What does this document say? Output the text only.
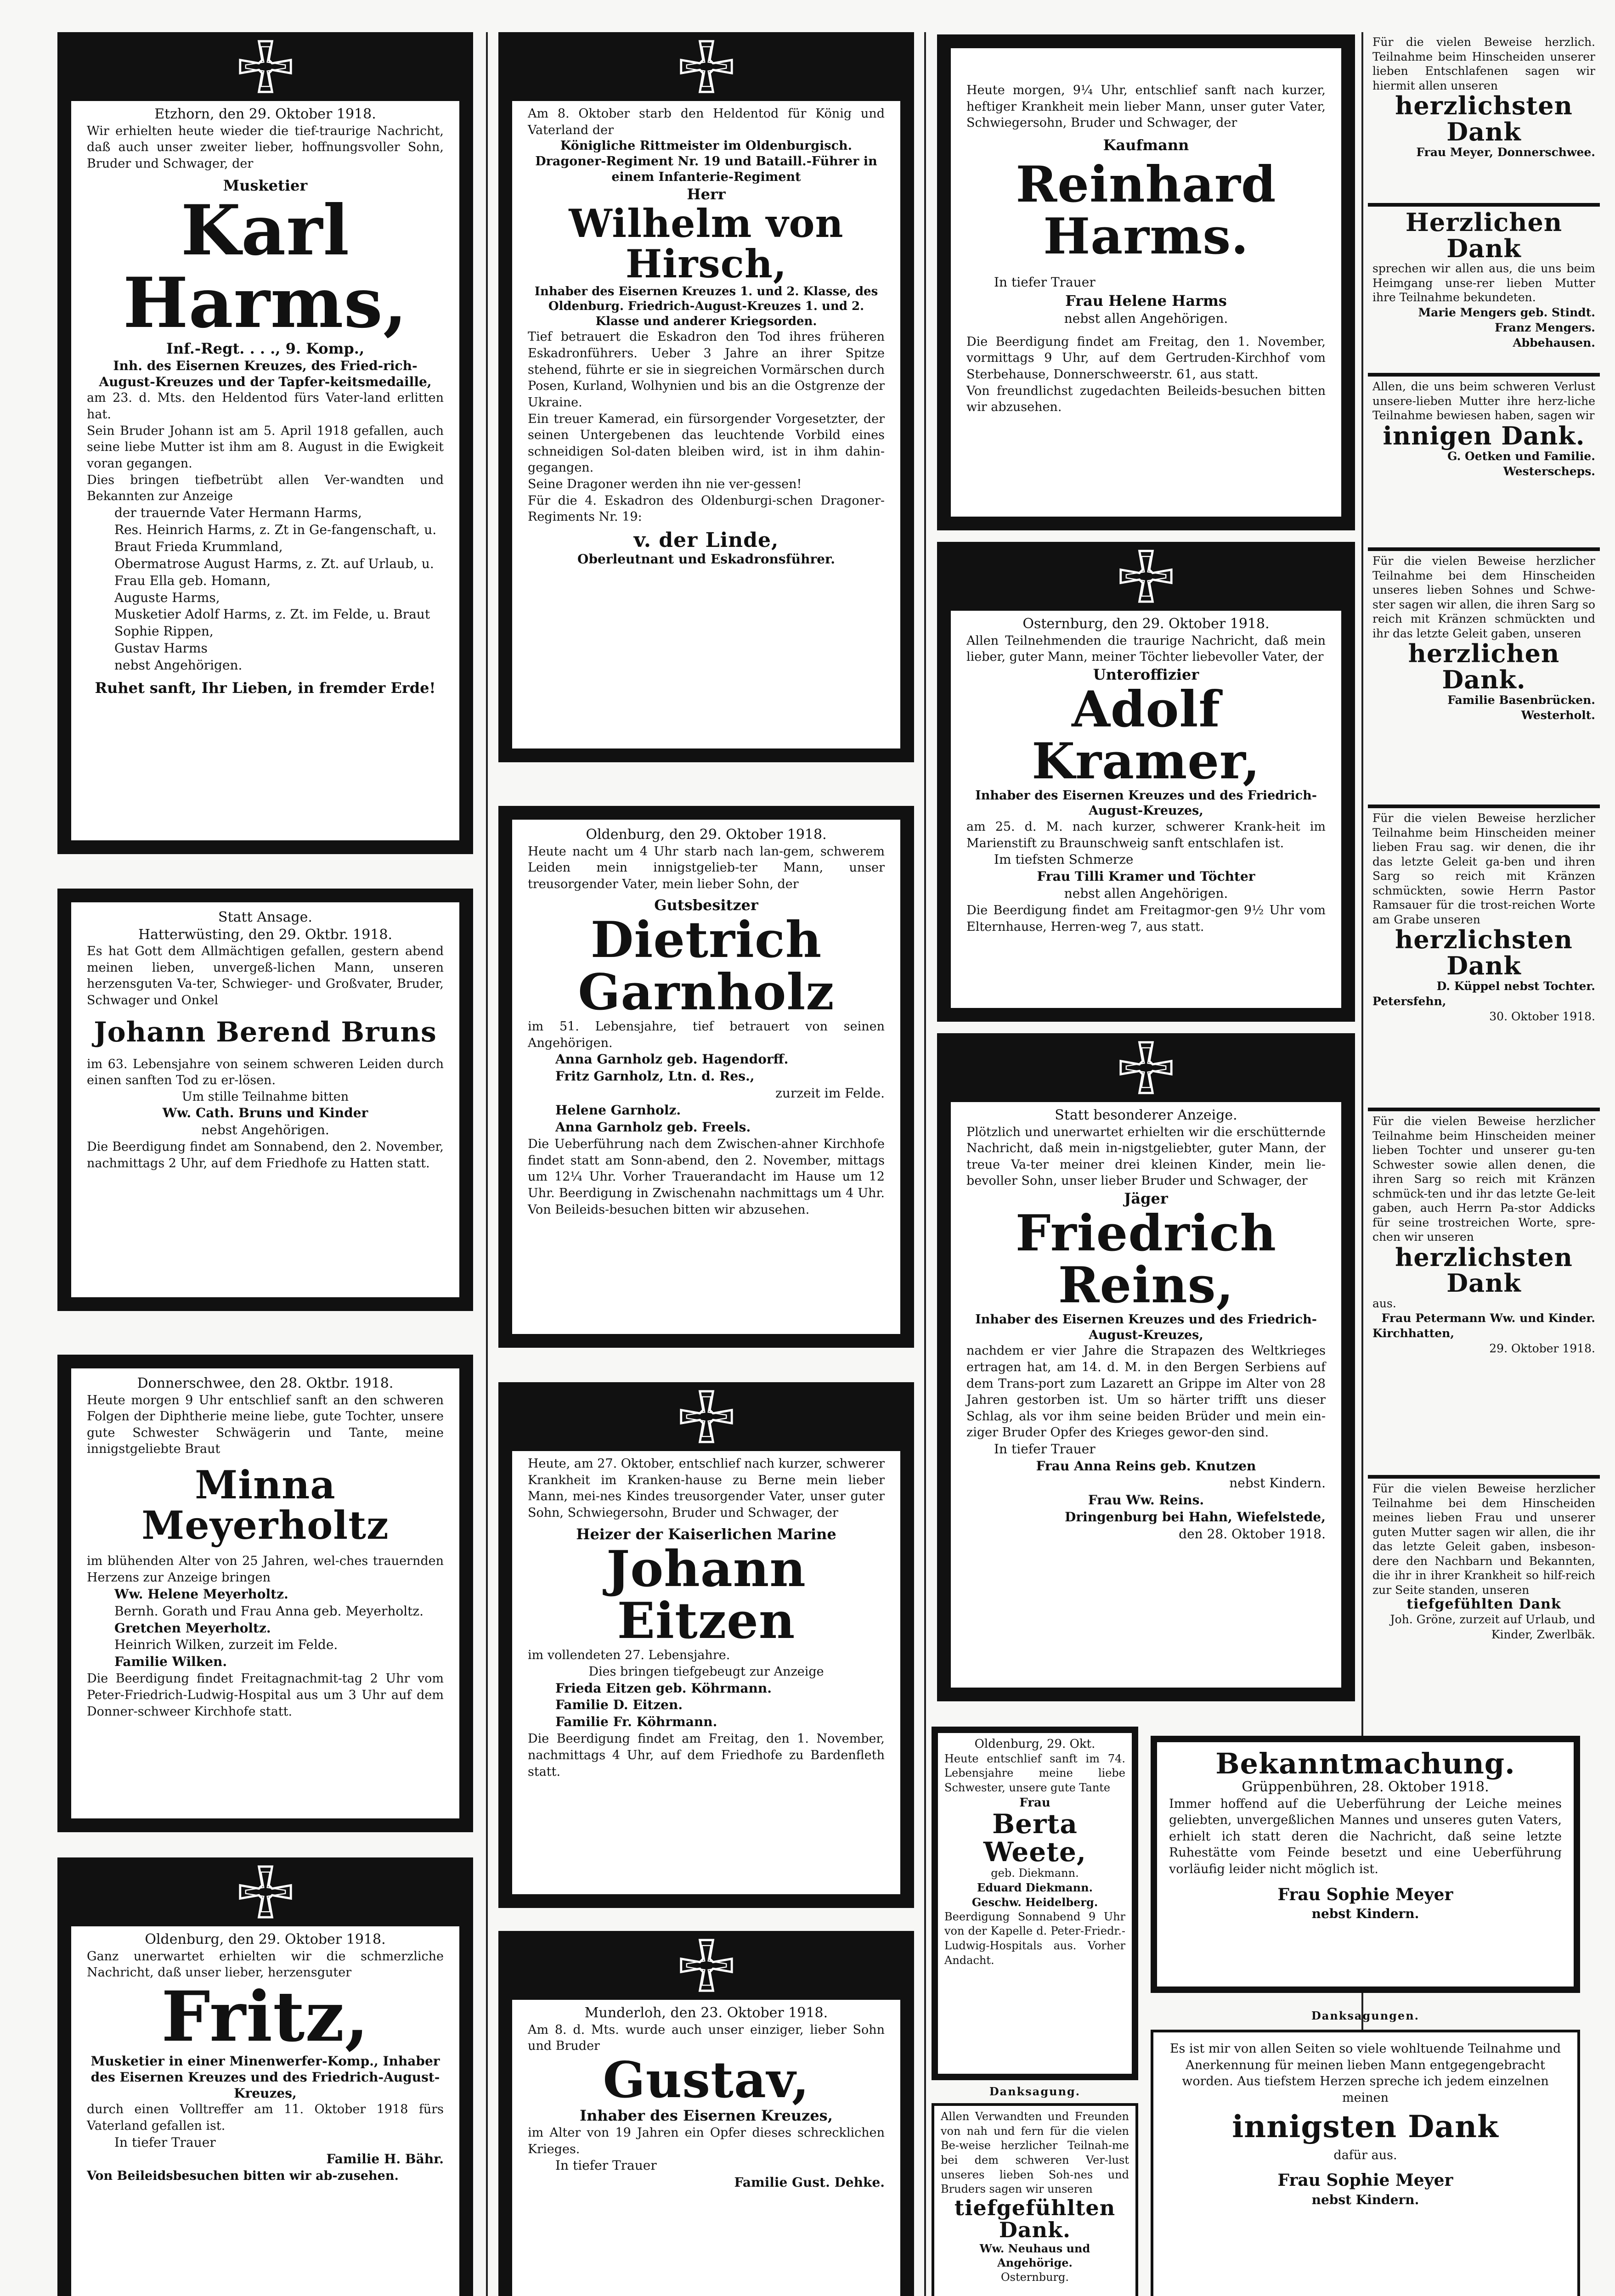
Etzhorn, den 29. Oktober 1918.
Wir erhielten heute wieder die tief-traurige Nachricht, daß auch unser zweiter lieber, hoffnungsvoller Sohn, Bruder und Schwager, der
Musketier
Karl Harms,
Inf.-Regt. . . ., 9. Komp.,
Inh. des Eisernen Kreuzes, des Fried-rich-August-Kreuzes und der Tapfer-keitsmedaille,
am 23. d. Mts. den Heldentod fürs Vater-land erlitten hat.
Sein Bruder Johann ist am 5. April 1918 gefallen, auch seine liebe Mutter ist ihm am 8. August in die Ewigkeit voran gegangen.
Dies bringen tiefbetrübt allen Ver-wandten und Bekannten zur Anzeige
der trauernde Vater Hermann Harms,
Res. Heinrich Harms, z. Zt in Ge-fangenschaft, u. Braut Frieda Krummland,
Obermatrose August Harms, z. Zt. auf Urlaub, u. Frau Ella geb. Homann,
Auguste Harms,
Musketier Adolf Harms, z. Zt. im Felde, u. Braut Sophie Rippen,
Gustav Harms
nebst Angehörigen.
Ruhet sanft, Ihr Lieben, in fremder Erde!
Statt Ansage.
Hatterwüsting, den 29. Oktbr. 1918.
Es hat Gott dem Allmächtigen gefallen, gestern abend meinen lieben, unvergeß-lichen Mann, unseren herzensguten Va-ter, Schwieger- und Großvater, Bruder, Schwager und Onkel
Johann Berend Bruns
im 63. Lebensjahre von seinem schweren Leiden durch einen sanften Tod zu er-lösen.
Um stille Teilnahme bitten
Ww. Cath. Bruns und Kinder
nebst Angehörigen.
Die Beerdigung findet am Sonnabend, den 2. November, nachmittags 2 Uhr, auf dem Friedhofe zu Hatten statt.
Donnerschwee, den 28. Oktbr. 1918.
Heute morgen 9 Uhr entschlief sanft an den schweren Folgen der Diphtherie meine liebe, gute Tochter, unsere gute Schwester Schwägerin und Tante, meine innigstgeliebte Braut
Minna Meyerholtz
im blühenden Alter von 25 Jahren, wel-ches trauernden Herzens zur Anzeige bringen
Ww. Helene Meyerholtz.
Bernh. Gorath und Frau Anna geb. Meyerholtz.
Gretchen Meyerholtz.
Heinrich Wilken, zurzeit im Felde.
Familie Wilken.
Die Beerdigung findet Freitagnachmit-tag 2 Uhr vom Peter-Friedrich-Ludwig-Hospital aus um 3 Uhr auf dem Donner-schweer Kirchhofe statt.
Oldenburg, den 29. Oktober 1918.
Ganz unerwartet erhielten wir die schmerzliche Nachricht, daß unser lieber, herzensguter
Fritz,
Musketier in einer Minenwerfer-Komp., Inhaber des Eisernen Kreuzes und des Friedrich-August-Kreuzes,
durch einen Volltreffer am 11. Oktober 1918 fürs Vaterland gefallen ist.
In tiefer Trauer
Familie H. Bähr.
Von Beileidsbesuchen bitten wir ab-zusehen.
Am 8. Oktober starb den Heldentod für König und Vaterland der
Königliche Rittmeister im Oldenburgisch. Dragoner-Regiment Nr. 19 und Bataill.-Führer in einem Infanterie-Regiment
Herr
Wilhelm von Hirsch,
Inhaber des Eisernen Kreuzes 1. und 2. Klasse, des Oldenburg. Friedrich-August-Kreuzes 1. und 2. Klasse und anderer Kriegsorden.
Tief betrauert die Eskadron den Tod ihres früheren Eskadronführers. Ueber 3 Jahre an ihrer Spitze stehend, führte er sie in siegreichen Vormärschen durch Posen, Kurland, Wolhynien und bis an die Ostgrenze der Ukraine.
Ein treuer Kamerad, ein fürsorgender Vorgesetzter, der seinen Untergebenen das leuchtende Vorbild eines schneidigen Sol-daten bleiben wird, ist in ihm dahin-gegangen.
Seine Dragoner werden ihn nie ver-gessen!
Für die 4. Eskadron des Oldenburgi-schen Dragoner-Regiments Nr. 19:
v. der Linde,
Oberleutnant und Eskadronsführer.
Oldenburg, den 29. Oktober 1918.
Heute nacht um 4 Uhr starb nach lan-gem, schwerem Leiden mein innigstgeliеb-ter Mann, unser treusorgender Vater, mein lieber Sohn, der
Gutsbesitzer
Dietrich Garnholz
im 51. Lebensjahre, tief betrauert von seinen Angehörigen.
Anna Garnholz geb. Hagendorff.
Fritz Garnholz, Ltn. d. Res.,
zurzeit im Felde.
Helene Garnholz.
Anna Garnholz geb. Freels.
Die Ueberführung nach dem Zwischen-ahner Kirchhofe findet statt am Sonn-abend, den 2. November, mittags um 12¼ Uhr. Vorher Trauerandacht im Hause um 12 Uhr. Beerdigung in Zwischenahn nachmittags um 4 Uhr. Von Beileids-besuchen bitten wir abzusehen.
Heute, am 27. Oktober, entschlief nach kurzer, schwerer Krankheit im Kranken-hause zu Berne mein lieber Mann, mei-nes Kindes treusorgender Vater, unser guter Sohn, Schwiegersohn, Bruder und Schwager, der
Heizer der Kaiserlichen Marine
Johann Eitzen
im vollendeten 27. Lebensjahre.
Dies bringen tiefgebeugt zur Anzeige
Frieda Eitzen geb. Köhrmann.
Familie D. Eitzen.
Familie Fr. Köhrmann.
Die Beerdigung findet am Freitag, den 1. November, nachmittags 4 Uhr, auf dem Friedhofe zu Bardenfleth statt.
Munderloh, den 23. Oktober 1918.
Am 8. d. Mts. wurde auch unser einziger, lieber Sohn und Bruder
Gustav,
Inhaber des Eisernen Kreuzes,
im Alter von 19 Jahren ein Opfer dieses schrecklichen Krieges.
In tiefer Trauer
Familie Gust. Dehke.
Heute morgen, 9¼ Uhr, entschlief sanft nach kurzer, heftiger Krankheit mein lieber Mann, unser guter Vater, Schwiegersohn, Bruder und Schwager, der
Kaufmann
Reinhard Harms.
In tiefer Trauer
Frau Helene Harms
nebst allen Angehörigen.
Die Beerdigung findet am Freitag, den 1. November, vormittags 9 Uhr, auf dem Gertruden-Kirchhof vom Sterbehause, Donnerschweerstr. 61, aus statt.
Von freundlichst zugedachten Beileids-besuchen bitten wir abzusehen.
Osternburg, den 29. Oktober 1918.
Allen Teilnehmenden die traurige Nachricht, daß mein lieber, guter Mann, meiner Töchter liebevoller Vater, der
Unteroffizier
Adolf Kramer,
Inhaber des Eisernen Kreuzes und des Friedrich-August-Kreuzes,
am 25. d. M. nach kurzer, schwerer Krank-heit im Marienstift zu Braunschweig sanft entschlafen ist.
Im tiefsten Schmerze
Frau Tilli Kramer und Töchter
nebst allen Angehörigen.
Die Beerdigung findet am Freitagmor-gen 9½ Uhr vom Elternhause, Herren-weg 7, aus statt.
Statt besonderer Anzeige.
Plötzlich und unerwartet erhielten wir die erschütternde Nachricht, daß mein in-nigstgeliebter, guter Mann, der treue Va-ter meiner drei kleinen Kinder, mein lie-bevoller Sohn, unser lieber Bruder und Schwager, der
Jäger
Friedrich Reins,
Inhaber des Eisernen Kreuzes und des Friedrich-August-Kreuzes,
nachdem er vier Jahre die Strapazen des Weltkrieges ertragen hat, am 14. d. M. in den Bergen Serbiens auf dem Trans-port zum Lazarett an Grippe im Alter von 28 Jahren gestorben ist. Um so härter trifft uns dieser Schlag, als vor ihm seine beiden Brüder und mein ein-ziger Bruder Opfer des Krieges gewor-den sind.
In tiefer Trauer
Frau Anna Reins geb. Knutzen
nebst Kindern.
Frau Ww. Reins.
Dringenburg bei Hahn, Wiefelstede,
den 28. Oktober 1918.
Oldenburg, 29. Okt.
Heute entschlief sanft im 74. Lebensjahre meine liebe Schwester, unsere gute Tante
Frau
Berta Weete,
geb. Diekmann.
Eduard Diekmann.
Geschw. Heidelberg.
Beerdigung Sonnabend 9 Uhr von der Kapelle d. Peter-Friedr.-Ludwig-Hospitals aus. Vorher Andacht.
Danksagung.
Allen Verwandten und Freunden von nah und fern für die vielen Be-weise herzlicher Teilnah-me bei dem schweren Ver-lust unseres lieben Soh-nes und Bruders sagen wir unseren
tiefgefühlten Dank.
Ww. Neuhaus und Angehörige.
Osternburg.
Bekanntmachung.
Grüppenbühren, 28. Oktober 1918.
Immer hoffend auf die Ueberführung der Leiche meines geliebten, unvergeßlichen Mannes und unseres guten Vaters, erhielt ich statt deren die Nachricht, daß seine letzte Ruhestätte vom Feinde besetzt und eine Ueberführung vorläufig leider nicht möglich ist.
Frau Sophie Meyer
nebst Kindern.
Danksagungen.
Es ist mir von allen Seiten so viele wohltuende Teilnahme und Anerkennung für meinen lieben Mann entgegengebracht worden. Aus tiefstem Herzen spreche ich jedem einzelnen meinen
innigsten Dank
dafür aus.
Frau Sophie Meyer
nebst Kindern.
Für die vielen Beweise herzlich. Teilnahme beim Hinscheiden unserer lieben Entschlafenen sagen wir hiermit allen unseren
herzlichsten Dank
Frau Meyer, Donnerschwee.
Herzlichen Dank
sprechen wir allen aus, die uns beim Heimgang unse-rer lieben Mutter ihre Teilnahme bekundeten.
Marie Mengers geb. Stindt.
Franz Mengers.
Abbehausen.
Allen, die uns beim schweren Verlust unsere-lieben Mutter ihre herz-liche Teilnahme bewiesen haben, sagen wir
innigen Dank.
G. Oetken und Familie. Westerscheps.
Für die vielen Beweise herzlicher Teilnahme bei dem Hinscheiden unseres lieben Sohnes und Schwe-ster sagen wir allen, die ihren Sarg so reich mit Kränzen schmückten und ihr das letzte Geleit gaben, unseren
herzlichen Dank.
Familie Basenbrücken. Westerholt.
Für die vielen Beweise herzlicher Teilnahme beim Hinscheiden meiner lieben Frau sag. wir denen, die ihr das letzte Geleit ga-ben und ihren Sarg so reich mit Kränzen schmückten, sowie Herrn Pastor Ramsauer für die trost-reichen Worte am Grabe unseren
herzlichsten Dank
D. Küppel nebst Tochter.
Petersfehn,
30. Oktober 1918.
Für die vielen Beweise herzlicher Teilnahme beim Hinscheiden meiner lieben Tochter und unserer gu-ten Schwester sowie allen denen, die ihren Sarg so reich mit Kränzen schmück-ten und ihr das letzte Ge-leit gaben, auch Herrn Pa-stor Addicks für seine trostreichen Worte, spre-chen wir unseren
herzlichsten Dank
aus.
Frau Petermann Ww. und Kinder.
Kirchhatten,
29. Oktober 1918.
Für die vielen Beweise herzlicher Teilnahme bei dem Hinscheiden meines lieben Frau und unserer guten Mutter sagen wir allen, die ihr das letzte Geleit gaben, insbeson-dere den Nachbarn und Bekannten, die ihr in ihrer Krankheit so hilf-reich zur Seite standen, unseren
tiefgefühlten Dank
Joh. Gröne, zurzeit auf Urlaub, und Kinder, Zwerlbäk.
